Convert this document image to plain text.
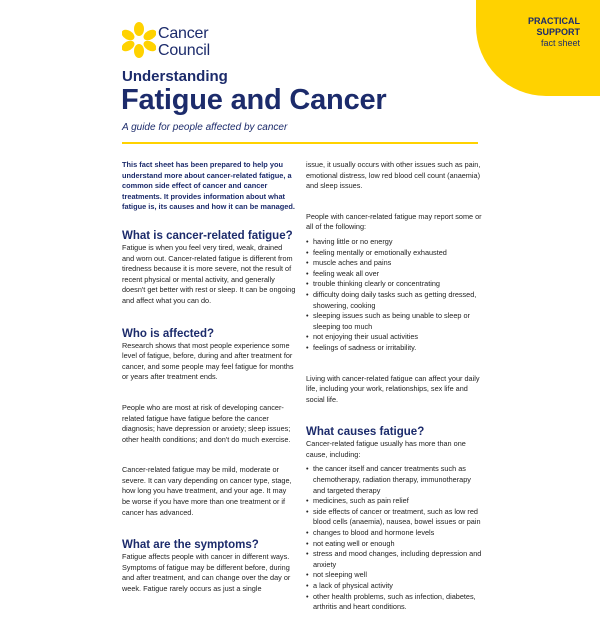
PRACTICAL
SUPPORT
fact sheet
Cancer
Council
Understanding
Fatigue and Cancer
A guide for people affected by cancer

This fact sheet has been prepared to help you understand more about cancer-related fatigue, a common side effect of cancer and cancer treatments. It provides information about what fatigue is, its causes and how it can be managed.

What is cancer-related fatigue?

Fatigue is when you feel very tired, weak, drained and worn out. Cancer-related fatigue is different from tiredness because it is more severe, not the result of recent physical or mental activity, and generally doesn't get better with rest or sleep. It can be ongoing and affect what you can do.

Who is affected?

Research shows that most people experience some level of fatigue, before, during and after treatment for cancer, and some people may feel fatigue for months or years after treatment ends.

People who are most at risk of developing cancer-related fatigue have fatigue before the cancer diagnosis; have depression or anxiety; sleep issues; other health conditions; and don't do much exercise.

Cancer-related fatigue may be mild, moderate or severe. It can vary depending on cancer type, stage, how long you have treatment, and your age. It may be worse if you have more than one treatment or if cancer has advanced.

What are the symptoms?

Fatigue affects people with cancer in different ways. Symptoms of fatigue may be different before, during and after treatment, and can change over the day or week. Fatigue rarely occurs as just a single

issue, it usually occurs with other issues such as pain, emotional distress, low red blood cell count (anaemia) and sleep issues.

People with cancer-related fatigue may report some or all of the following:

• having little or no energy
• feeling mentally or emotionally exhausted
• muscle aches and pains
• feeling weak all over
• trouble thinking clearly or concentrating
• difficulty doing daily tasks such as getting dressed, showering, cooking
• sleeping issues such as being unable to sleep or sleeping too much
• not enjoying their usual activities
• feelings of sadness or irritability.

Living with cancer-related fatigue can affect your daily life, including your work, relationships, sex life and social life.

What causes fatigue?

Cancer-related fatigue usually has more than one cause, including:

• the cancer itself and cancer treatments such as chemotherapy, radiation therapy, immunotherapy and targeted therapy
• medicines, such as pain relief
• side effects of cancer or treatment, such as low red blood cells (anaemia), nausea, bowel issues or pain
• changes to blood and hormone levels
• not eating well or enough
• stress and mood changes, including depression and anxiety
• not sleeping well
• a lack of physical activity
• other health problems, such as infection, diabetes, arthritis and heart conditions.
